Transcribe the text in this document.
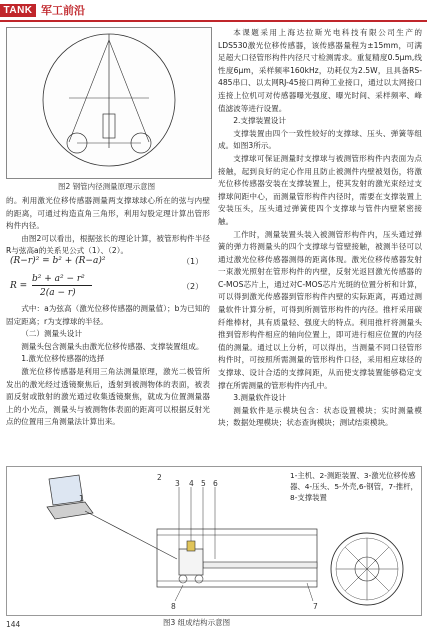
TANK 军工前沿
图2 钢管内径测量原理示意图

的。利用激光位移传感器测量两支撑球球心所在的弦与内壁的距离，可通过构造直角三角形，利用勾股定理计算出管形构件内径。

由图2可以看出，根据弦长的理论计算，被管形构件半径R与弦高a的关系见公式（1）、（2）。

(R−r)² = b² + (R−a)²	（1）
R =
b² + a² − r²
2(a − r)
（2）

式中：a为弦高（激光位移传感器的测量值）；b为已知的固定距离；r为支撑球的半径。

（二）测量头设计

测量头包含测量头由激光位移传感器、支撑装置组成。

1.激光位移传感器的选择

激光位移传感器是利用三角法测量原理，激光二极管所发出的激光经过透镜聚焦后，透射到被测物体的表面，被表面反射或散射的激光通过收集透镜聚焦，就成为位置测量器上的小光点，测量头与被测物体表面的距离可以根据反射光点的位置用三角测量法计算出来。

本课题采用上海达拉斯光电科技有限公司生产的LDS530激光位移传感器，该传感器量程为±15mm，可满足超大口径管形构件内径尺寸检测需求。重复精度0.5μm,线性度6μm，采样频率160kHz，功耗仅为2.5W，且具备RS-485串口、以太网RJ-45接口两种工业接口，通过以太网接口连接上位机可对传感器曝光强度、曝光时间、采样频率、峰值滤波等进行设置。

2.支撑装置设计

支撑装置由四个一致性较好的支撑球、压头、弹簧等组成。如图3所示。

支撑球可保证测量时支撑球与被测管形构件内表面为点接触，起到良好的定心作用且防止被测件内壁被划伤，将激光位移传感器安装在支撑装置上，使其发射的激光束经过支撑球间距中心，而测量管形构件内径时，需要在支撑装置上安装压头，压头通过弹簧使四个支撑球与管件内壁紧密接触。

工作时，测量装置头装入被测管形构件内，压头通过弹簧的弹力将测量头的四个支撑球与管壁接触，被测半径可以通过激光位移传感器测得的距离体现。激光位移传感器发射一束激光照射在管形构件的内壁，反射光返回激光传感器的C-MOS芯片上，通过对C-MOS芯片光斑的位置分析和计算，可以得到激光传感器到管形构件内壁的实际距离，再通过测量软件计算分析，可得到所测管形构件的内径。推杆采用碳纤维棒材，具有质量轻、强度大的特点。利用推杆将测量头推到管形构件相应的轴向位置上，即可进行相应位置的内径值的测量。通过以上分析，可以得出，当测量不同口径管形构件时，可按照所需测量的管形构件口径，采用相应球径的支撑球、设计合适的支撑间距，从而使支撑装置能够稳定支撑在所需测量的管形构件内孔中。

3.测量软件设计

测量软件是示模块包含：状态设置模块；实时测量模块；数据处理模块；状态查询模块；测试结束模块。

1
2
3 4 5 6
7
8
1-主机、2-测距装置、3-激光位移传感器、4-压头、5-外壳,6-钢管，7-推杆，8-支撑装置
图3 组成结构示意图
144
